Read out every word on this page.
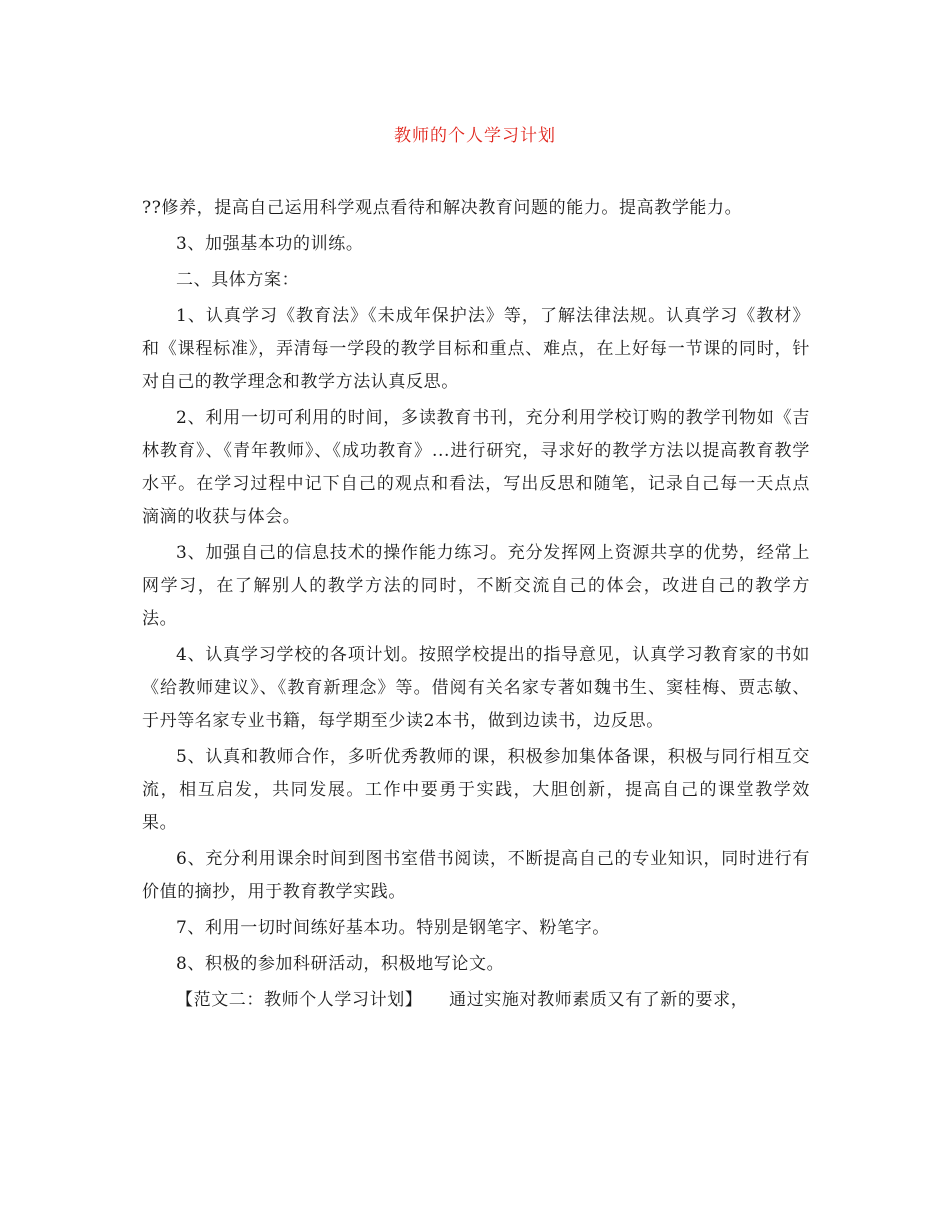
教师的个人学习计划

??修养，提高自己运用科学观点看待和解决教育问题的能力。提高教学能力。

3、加强基本功的训练。

二、具体方案：

1、认真学习《教育法》《未成年保护法》等，了解法律法规。认真学习《教材》和《课程标准》，弄清每一学段的教学目标和重点、难点，在上好每一节课的同时，针对自己的教学理念和教学方法认真反思。

2、利用一切可利用的时间，多读教育书刊，充分利用学校订购的教学刊物如《吉林教育》、《青年教师》、《成功教育》...进行研究，寻求好的教学方法以提高教育教学水平。在学习过程中记下自己的观点和看法，写出反思和随笔，记录自己每一天点点滴滴的收获与体会。

3、加强自己的信息技术的操作能力练习。充分发挥网上资源共享的优势，经常上网学习，在了解别人的教学方法的同时，不断交流自己的体会，改进自己的教学方法。

4、认真学习学校的各项计划。按照学校提出的指导意见，认真学习教育家的书如《给教师建议》、《教育新理念》等。借阅有关名家专著如魏书生、窦桂梅、贾志敏、于丹等名家专业书籍，每学期至少读2本书，做到边读书，边反思。

5、认真和教师合作，多听优秀教师的课，积极参加集体备课，积极与同行相互交流，相互启发，共同发展。工作中要勇于实践，大胆创新，提高自己的课堂教学效果。

6、充分利用课余时间到图书室借书阅读，不断提高自己的专业知识，同时进行有价值的摘抄，用于教育教学实践。

7、利用一切时间练好基本功。特别是钢笔字、粉笔字。

8、积极的参加科研活动，积极地写论文。

【范文二：教师个人学习计划】　　通过实施对教师素质又有了新的要求，
